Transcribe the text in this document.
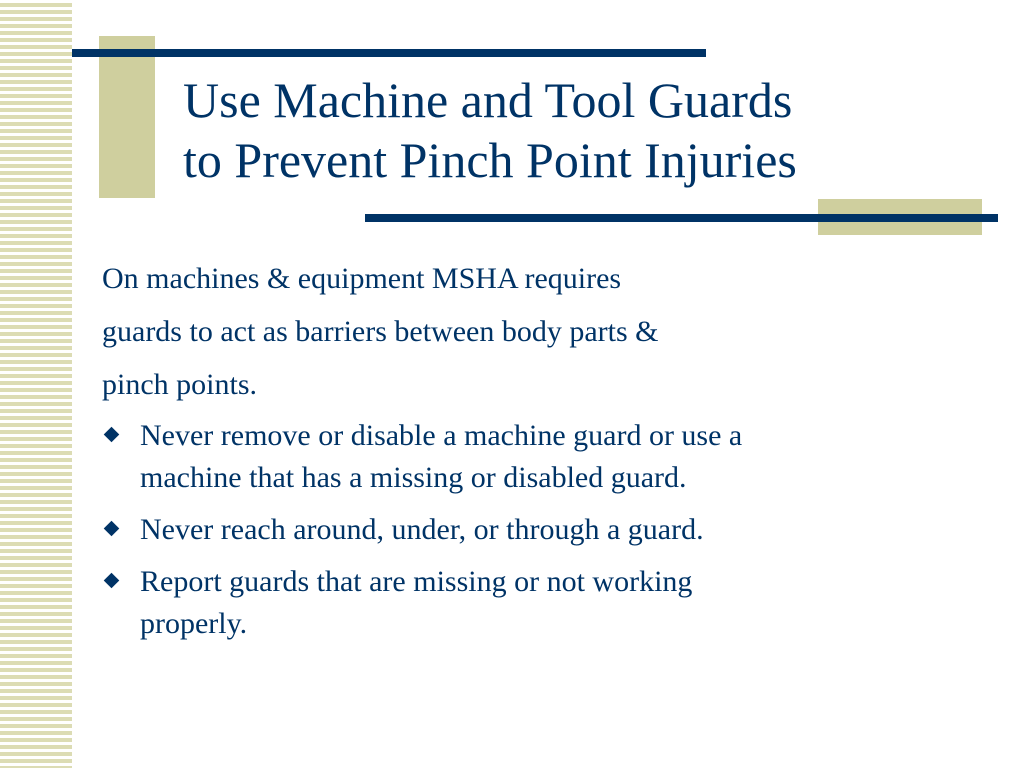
Use Machine and Tool Guards
to Prevent Pinch Point Injuries

On machines & equipment MSHA requires
guards to act as barriers between body parts &
pinch points.

Never remove or disable a machine guard or use a
machine that has a missing or disabled guard.
Never reach around, under, or through a guard.
Report guards that are missing or not working
properly.
